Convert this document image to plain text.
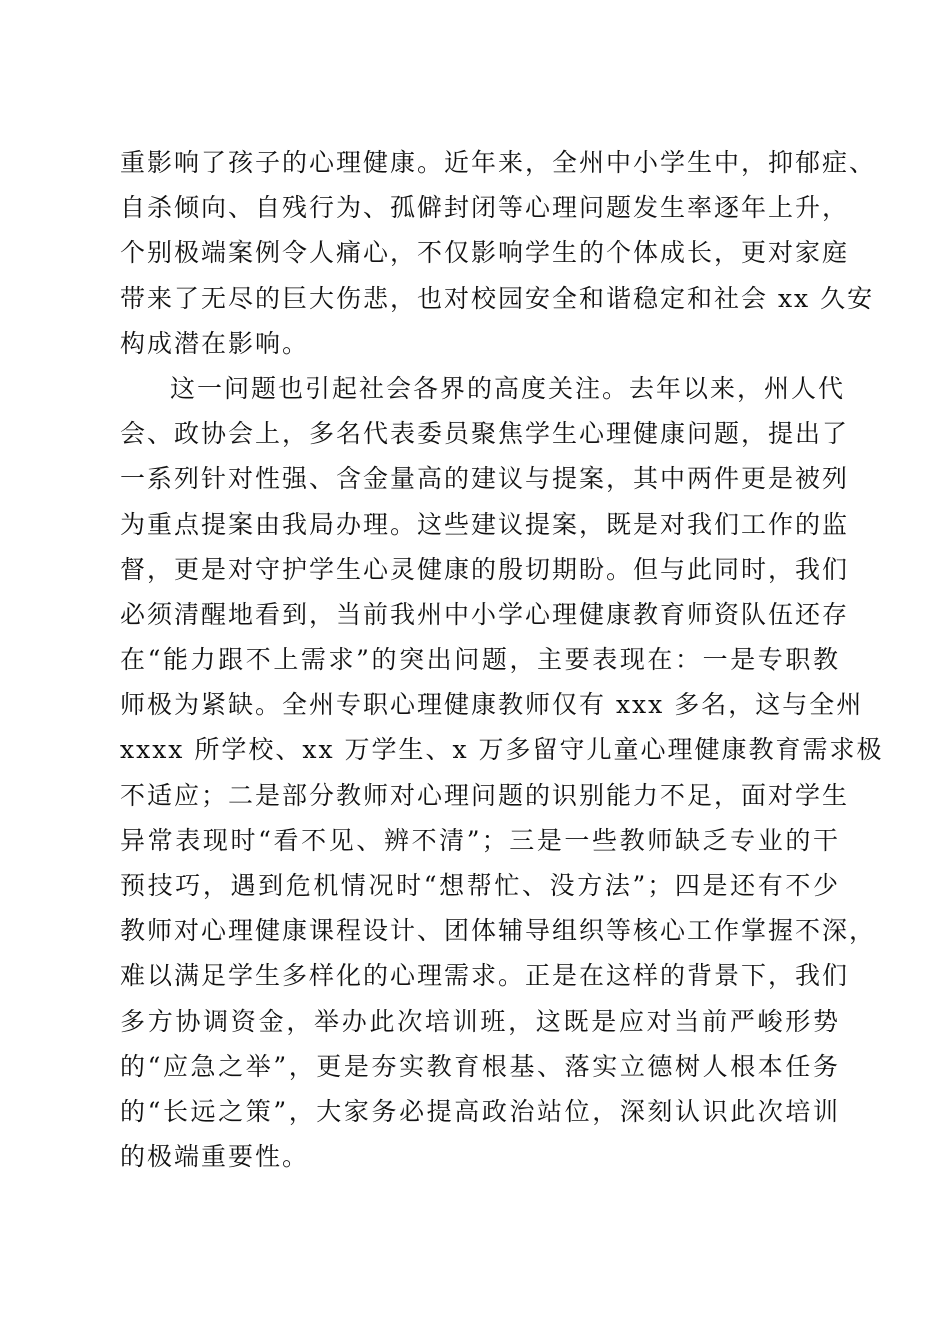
重影响了孩子的心理健康。近年来，全州中小学生中，抑郁症、
自杀倾向、自残行为、孤僻封闭等心理问题发生率逐年上升，
个别极端案例令人痛心，不仅影响学生的个体成长，更对家庭
带来了无尽的巨大伤悲，也对校园安全和谐稳定和社会 xx 久安
构成潜在影响。
这一问题也引起社会各界的高度关注。去年以来，州人代
会、政协会上，多名代表委员聚焦学生心理健康问题，提出了
一系列针对性强、含金量高的建议与提案，其中两件更是被列
为重点提案由我局办理。这些建议提案，既是对我们工作的监
督，更是对守护学生心灵健康的殷切期盼。但与此同时，我们
必须清醒地看到，当前我州中小学心理健康教育师资队伍还存
在“能力跟不上需求”的突出问题，主要表现在：一是专职教
师极为紧缺。全州专职心理健康教师仅有 xxx 多名，这与全州
xxxx 所学校、xx 万学生、x 万多留守儿童心理健康教育需求极
不适应；二是部分教师对心理问题的识别能力不足，面对学生
异常表现时“看不见、辨不清”；三是一些教师缺乏专业的干
预技巧，遇到危机情况时“想帮忙、没方法”；四是还有不少
教师对心理健康课程设计、团体辅导组织等核心工作掌握不深，
难以满足学生多样化的心理需求。正是在这样的背景下，我们
多方协调资金，举办此次培训班，这既是应对当前严峻形势
的“应急之举”，更是夯实教育根基、落实立德树人根本任务
的“长远之策”，大家务必提高政治站位，深刻认识此次培训
的极端重要性。
